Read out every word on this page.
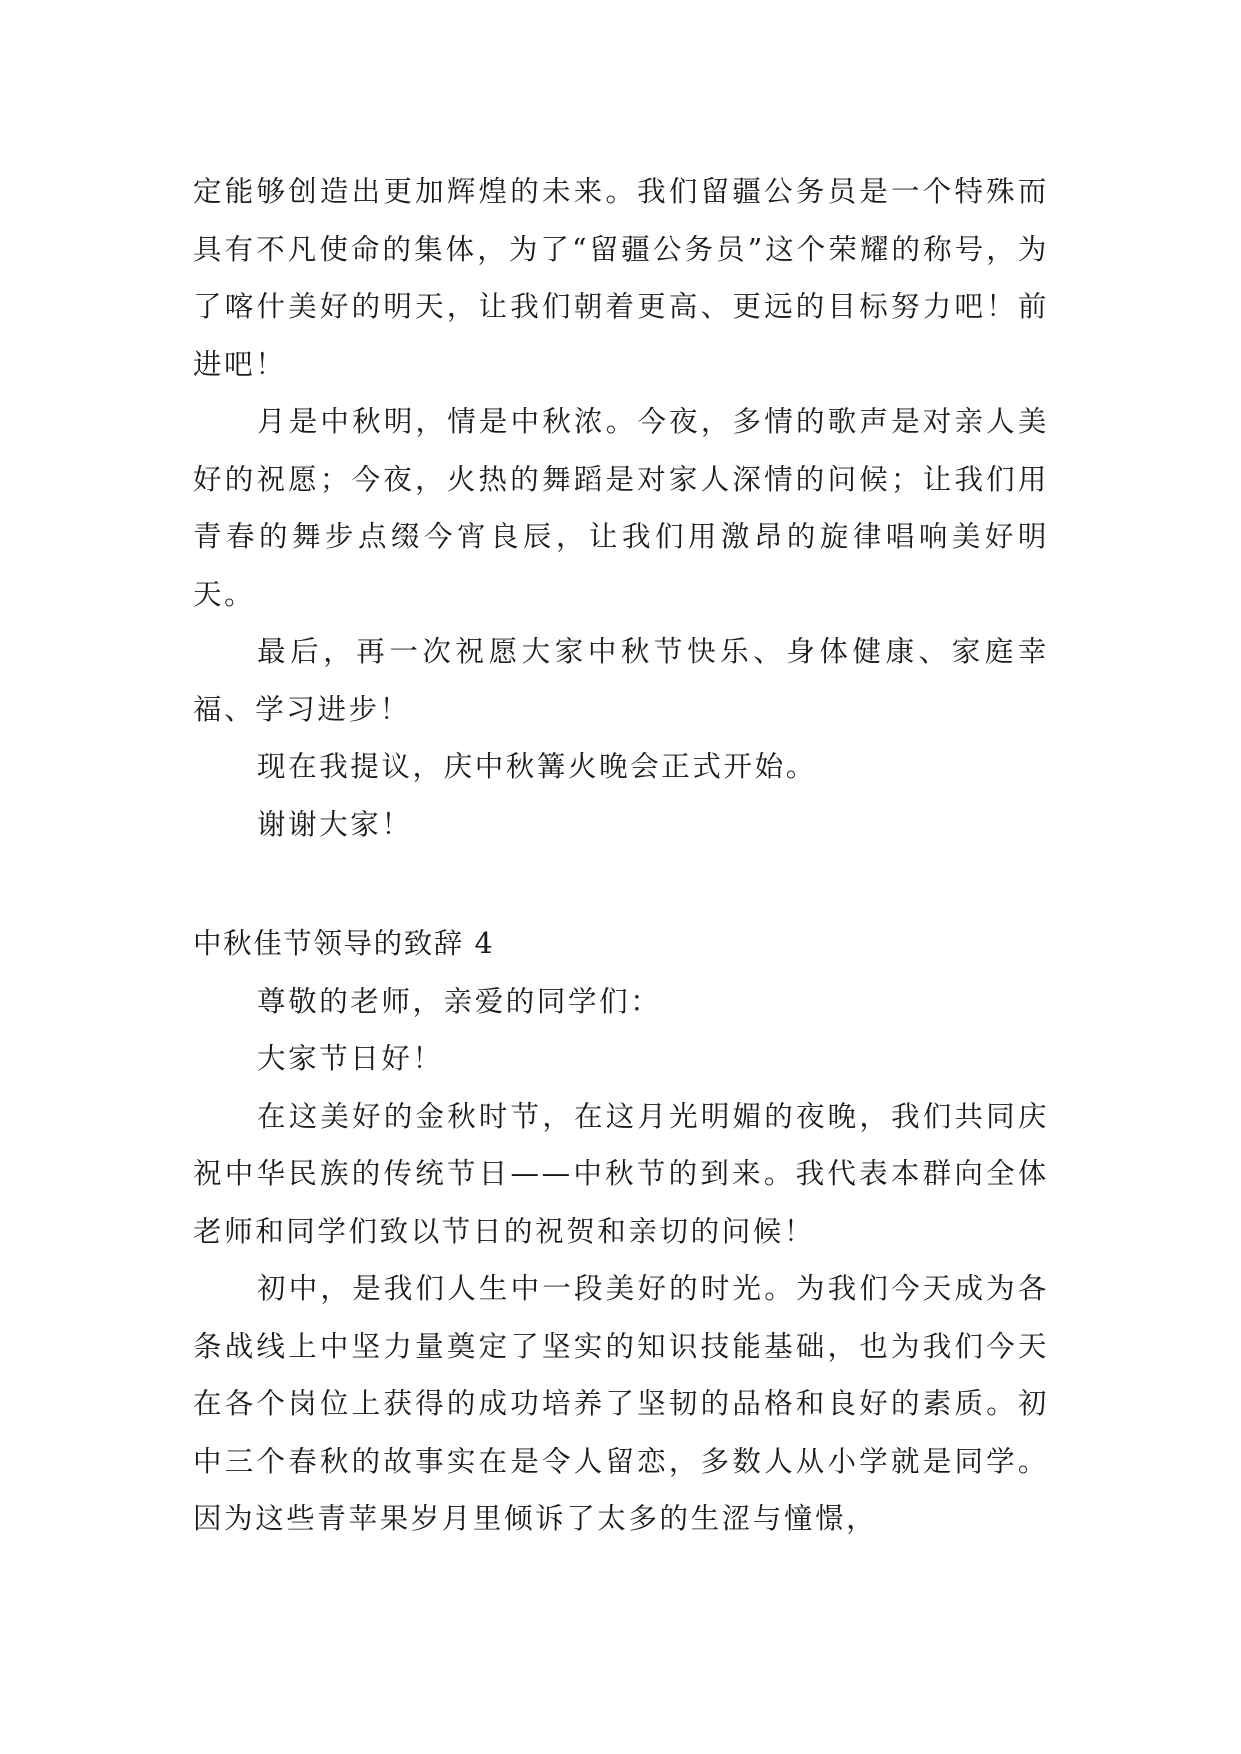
定能够创造出更加辉煌的未来。我们留疆公务员是一个特殊而具有不凡使命的集体，为了“留疆公务员”这个荣耀的称号，为了喀什美好的明天，让我们朝着更高、更远的目标努力吧！前进吧！

月是中秋明，情是中秋浓。今夜，多情的歌声是对亲人美好的祝愿；今夜，火热的舞蹈是对家人深情的问候；让我们用青春的舞步点缀今宵良辰，让我们用激昂的旋律唱响美好明天。

最后，再一次祝愿大家中秋节快乐、身体健康、家庭幸福、学习进步！

现在我提议，庆中秋篝火晚会正式开始。

谢谢大家！

中秋佳节领导的致辞 4

尊敬的老师，亲爱的同学们：

大家节日好！

在这美好的金秋时节，在这月光明媚的夜晚，我们共同庆祝中华民族的传统节日——中秋节的到来。我代表本群向全体老师和同学们致以节日的祝贺和亲切的问候！

初中，是我们人生中一段美好的时光。为我们今天成为各条战线上中坚力量奠定了坚实的知识技能基础，也为我们今天在各个岗位上获得的成功培养了坚韧的品格和良好的素质。初中三个春秋的故事实在是令人留恋，多数人从小学就是同学。因为这些青苹果岁月里倾诉了太多的生涩与憧憬，
